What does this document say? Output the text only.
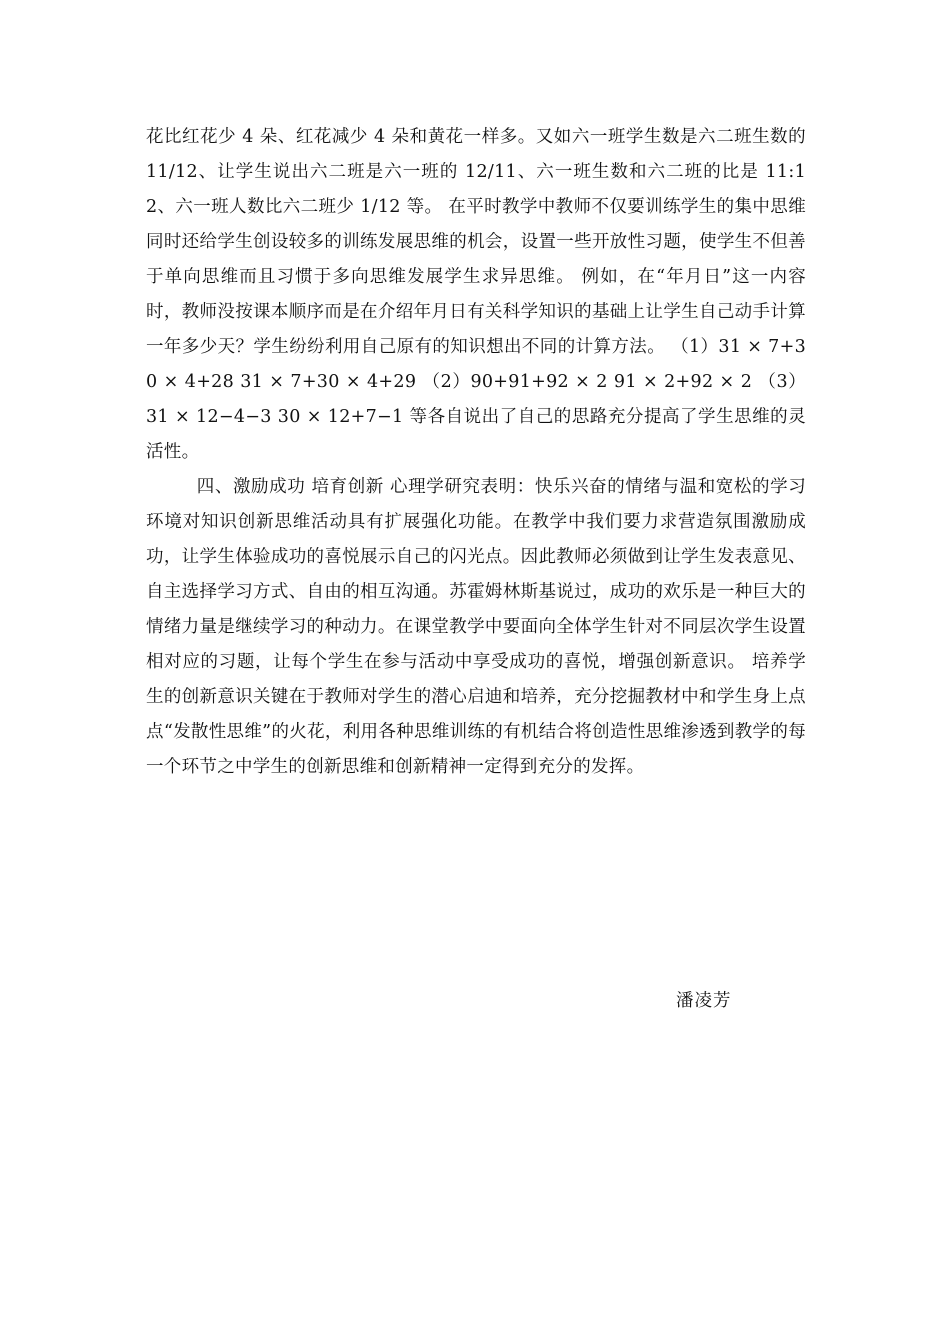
花比红花少 4 朵、红花减少 4 朵和黄花一样多。又如六一班学生数是六二班生数的 11/12、让学生说出六二班是六一班的 12/11、六一班生数和六二班的比是 11:12、六一班人数比六二班少 1/12 等。 在平时教学中教师不仅要训练学生的集中思维同时还给学生创设较多的训练发展思维的机会，设置一些开放性习题，使学生不但善于单向思维而且习惯于多向思维发展学生求异思维。 例如，在“年月日”这一内容时，教师没按课本顺序而是在介绍年月日有关科学知识的基础上让学生自己动手计算一年多少天？学生纷纷利用自己原有的知识想出不同的计算方法。 （1）31 × 7+30 × 4+28 31 × 7+30 × 4+29 （2）90+91+92 × 2 91 × 2+92 × 2 （3）31 × 12−4−3 30 × 12+7−1 等各自说出了自己的思路充分提高了学生思维的灵活性。

四、激励成功 培育创新 心理学研究表明：快乐兴奋的情绪与温和宽松的学习环境对知识创新思维活动具有扩展强化功能。在教学中我们要力求营造氛围激励成功，让学生体验成功的喜悦展示自己的闪光点。因此教师必须做到让学生发表意见、自主选择学习方式、自由的相互沟通。苏霍姆林斯基说过，成功的欢乐是一种巨大的情绪力量是继续学习的种动力。在课堂教学中要面向全体学生针对不同层次学生设置相对应的习题，让每个学生在参与活动中享受成功的喜悦，增强创新意识。 培养学生的创新意识关键在于教师对学生的潜心启迪和培养，充分挖掘教材中和学生身上点点“发散性思维”的火花，利用各种思维训练的有机结合将创造性思维渗透到教学的每一个环节之中学生的创新思维和创新精神一定得到充分的发挥。

潘凌芳
